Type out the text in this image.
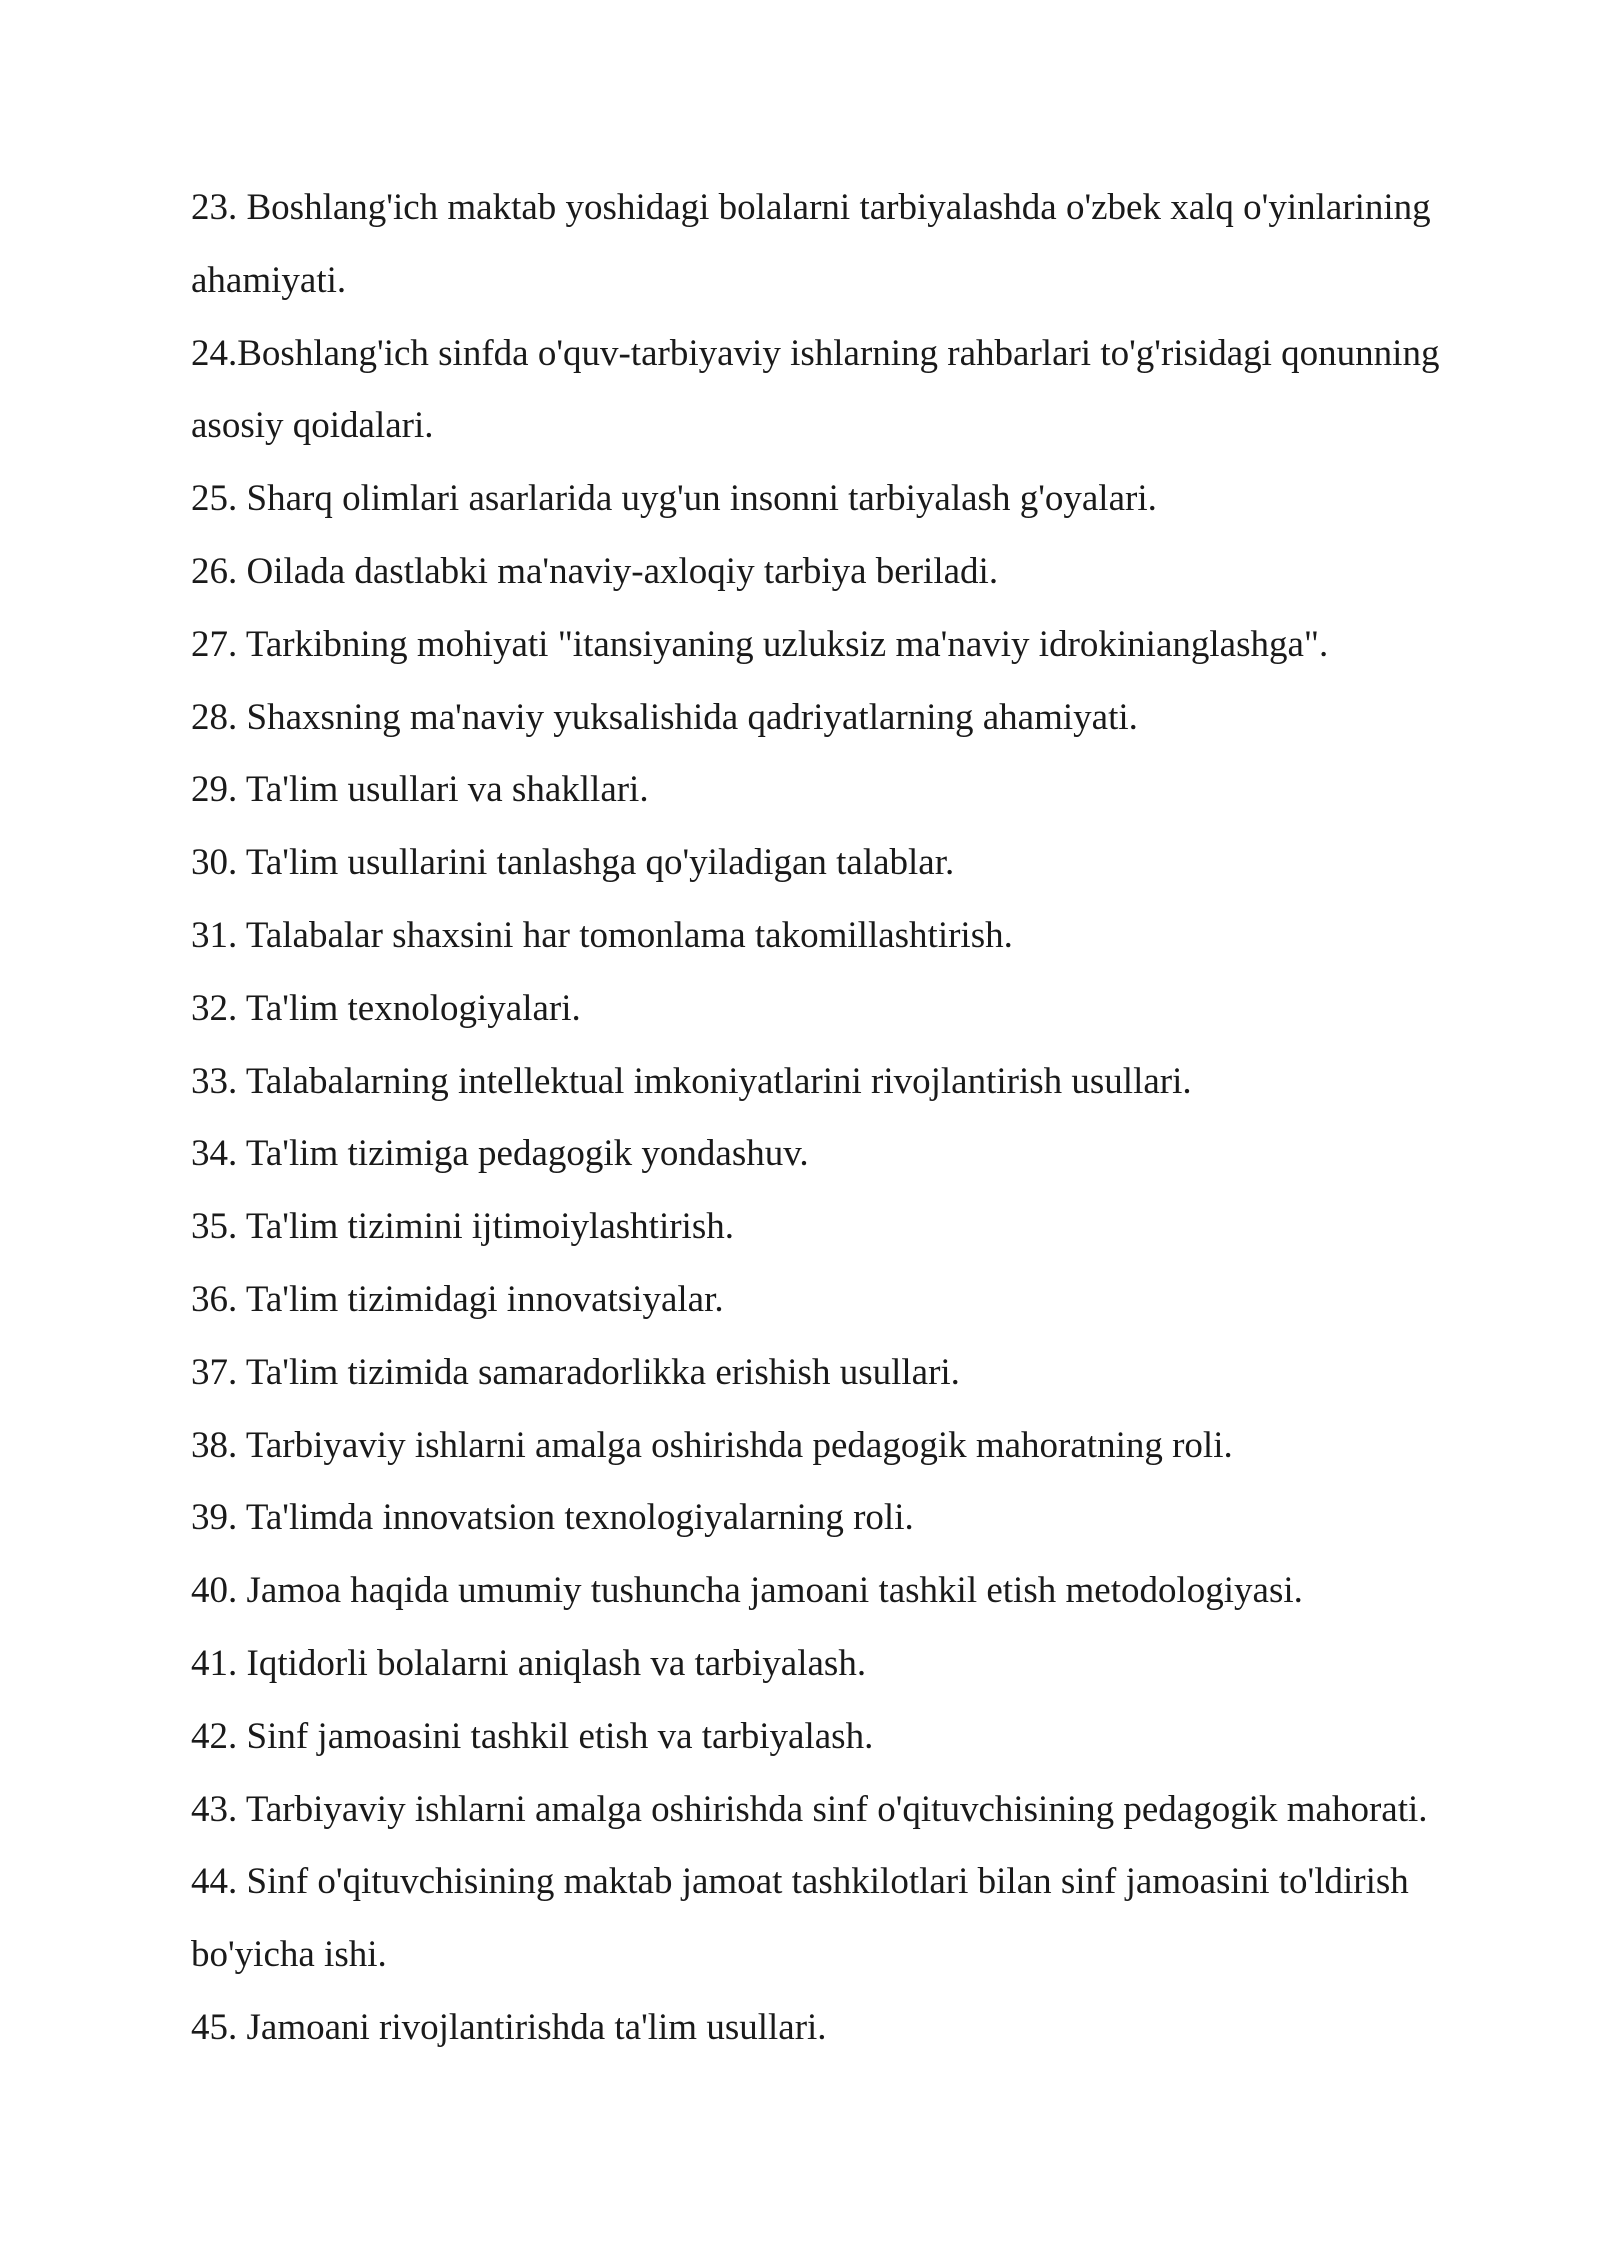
23. Boshlang'ich maktab yoshidagi bolalarni tarbiyalashda o'zbek xalq o'yinlarining ahamiyati.
24.Boshlang'ich sinfda o'quv-tarbiyaviy ishlarning rahbarlari to'g'risidagi qonunning asosiy qoidalari.
25. Sharq olimlari asarlarida uyg'un insonni tarbiyalash g'oyalari.
26. Oilada dastlabki ma'naviy-axloqiy tarbiya beriladi.
27. Tarkibning mohiyati "itansiyaning uzluksiz ma'naviy idrokinianglashga".
28. Shaxsning ma'naviy yuksalishida qadriyatlarning ahamiyati.
29. Ta'lim usullari va shakllari.
30. Ta'lim usullarini tanlashga qo'yiladigan talablar.
31. Talabalar shaxsini har tomonlama takomillashtirish.
32. Ta'lim texnologiyalari.
33. Talabalarning intellektual imkoniyatlarini rivojlantirish usullari.
34. Ta'lim tizimiga pedagogik yondashuv.
35. Ta'lim tizimini ijtimoiylashtirish.
36. Ta'lim tizimidagi innovatsiyalar.
37. Ta'lim tizimida samaradorlikka erishish usullari.
38. Tarbiyaviy ishlarni amalga oshirishda pedagogik mahoratning roli.
39. Ta'limda innovatsion texnologiyalarning roli.
40. Jamoa haqida umumiy tushuncha jamoani tashkil etish metodologiyasi.
41. Iqtidorli bolalarni aniqlash va tarbiyalash.
42. Sinf jamoasini tashkil etish va tarbiyalash.
43. Tarbiyaviy ishlarni amalga oshirishda sinf o'qituvchisining pedagogik mahorati.
44. Sinf o'qituvchisining maktab jamoat tashkilotlari bilan sinf jamoasini to'ldirish bo'yicha ishi.
45. Jamoani rivojlantirishda ta'lim usullari.
